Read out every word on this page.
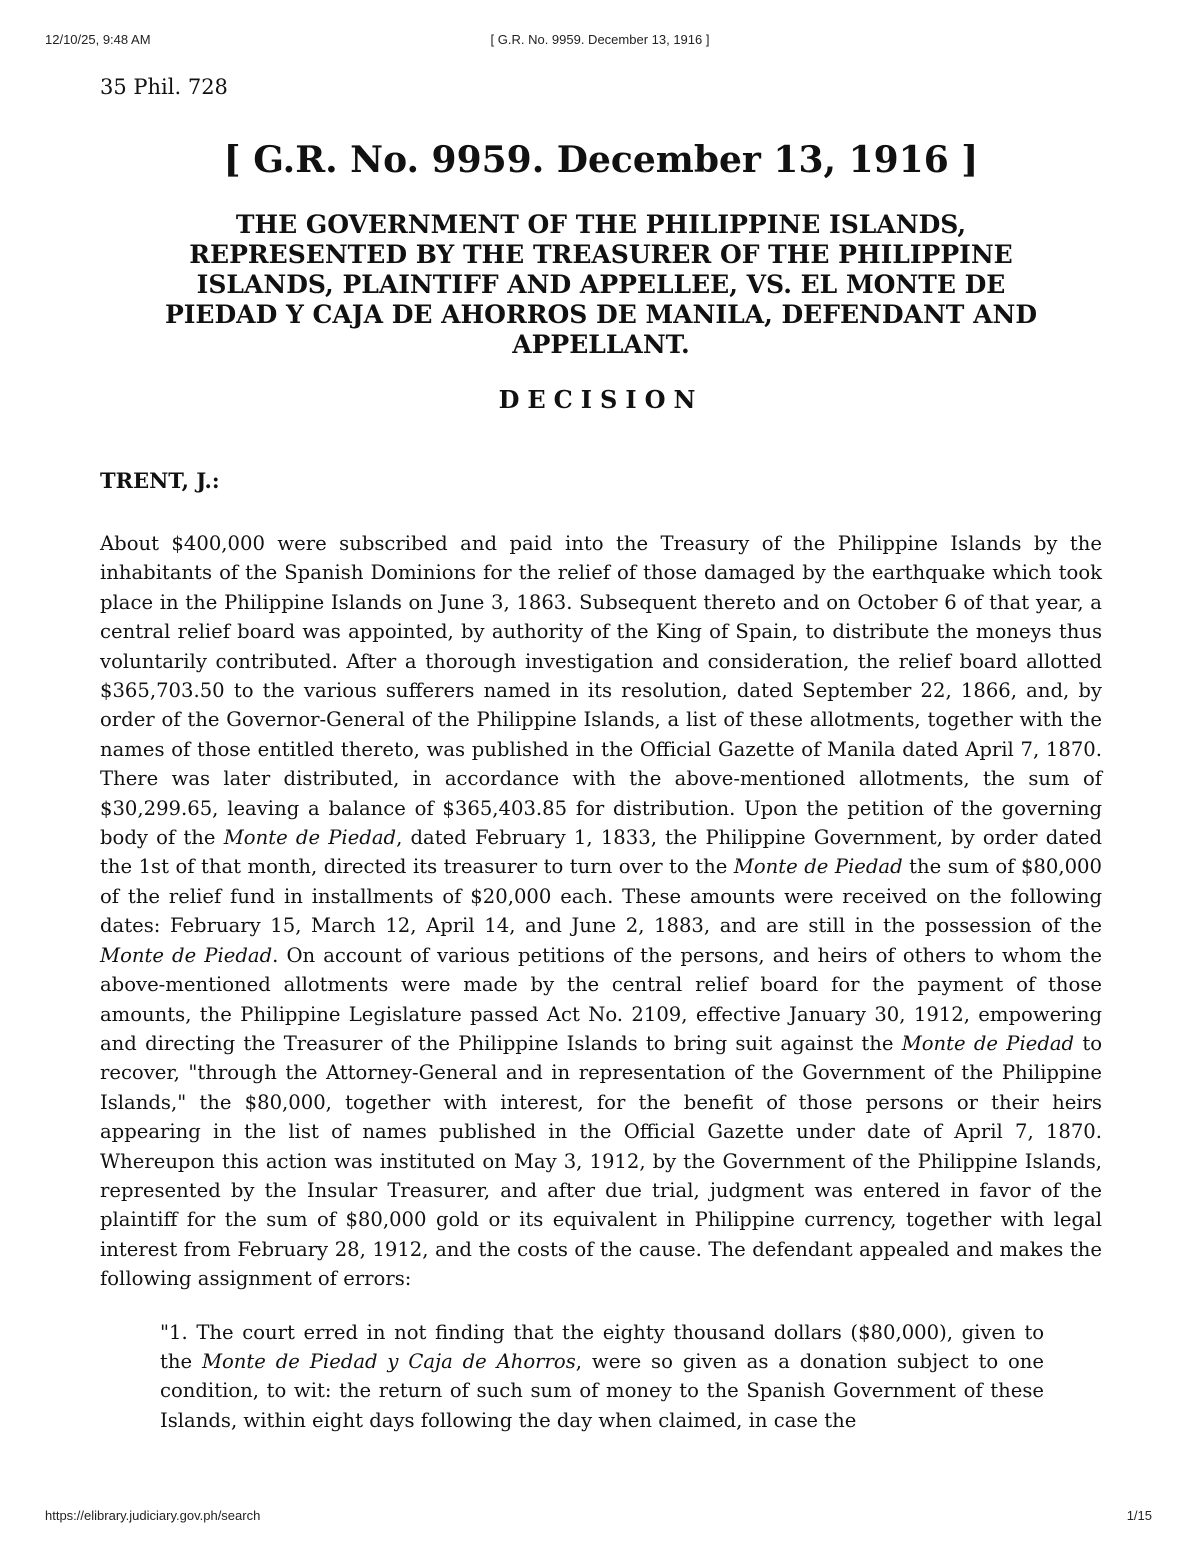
12/10/25, 9:48 AM	[ G.R. No. 9959. December 13, 1916 ]

35 Phil. 728

[ G.R. No. 9959. December 13, 1916 ]
THE GOVERNMENT OF THE PHILIPPINE ISLANDS, REPRESENTED BY THE TREASURER OF THE PHILIPPINE ISLANDS, PLAINTIFF AND APPELLEE, VS. EL MONTE DE PIEDAD Y CAJA DE AHORROS DE MANILA, DEFENDANT AND APPELLANT.
DECISION

TRENT, J.:

About $400,000 were subscribed and paid into the Treasury of the Philippine Islands by the inhabitants of the Spanish Dominions for the relief of those damaged by the earthquake which took place in the Philippine Islands on June 3, 1863. Subsequent thereto and on October 6 of that year, a central relief board was appointed, by authority of the King of Spain, to distribute the moneys thus voluntarily contributed. After a thorough investigation and consideration, the relief board allotted $365,703.50 to the various sufferers named in its resolution, dated September 22, 1866, and, by order of the Governor-General of the Philippine Islands, a list of these allotments, together with the names of those entitled thereto, was published in the Official Gazette of Manila dated April 7, 1870. There was later distributed, in accordance with the above-mentioned allotments, the sum of $30,299.65, leaving a balance of $365,403.85 for distribution. Upon the petition of the governing body of the Monte de Piedad, dated February 1, 1833, the Philippine Government, by order dated the 1st of that month, directed its treasurer to turn over to the Monte de Piedad the sum of $80,000 of the relief fund in installments of $20,000 each. These amounts were received on the following dates: February 15, March 12, April 14, and June 2, 1883, and are still in the possession of the Monte de Piedad. On account of various petitions of the persons, and heirs of others to whom the above-mentioned allotments were made by the central relief board for the payment of those amounts, the Philippine Legislature passed Act No. 2109, effective January 30, 1912, empowering and directing the Treasurer of the Philippine Islands to bring suit against the Monte de Piedad to recover, "through the Attorney-General and in representation of the Government of the Philippine Islands," the $80,000, together with interest, for the benefit of those persons or their heirs appearing in the list of names published in the Official Gazette under date of April 7, 1870. Whereupon this action was instituted on May 3, 1912, by the Government of the Philippine Islands, represented by the Insular Treasurer, and after due trial, judgment was entered in favor of the plaintiff for the sum of $80,000 gold or its equivalent in Philippine currency, together with legal interest from February 28, 1912, and the costs of the cause. The defendant appealed and makes the following assignment of errors:

"1. The court erred in not finding that the eighty thousand dollars ($80,000), given to the Monte de Piedad y Caja de Ahorros, were so given as a donation subject to one condition, to wit: the return of such sum of money to the Spanish Government of these Islands, within eight days following the day when claimed, in case the

https://elibrary.judiciary.gov.ph/search	1/15
